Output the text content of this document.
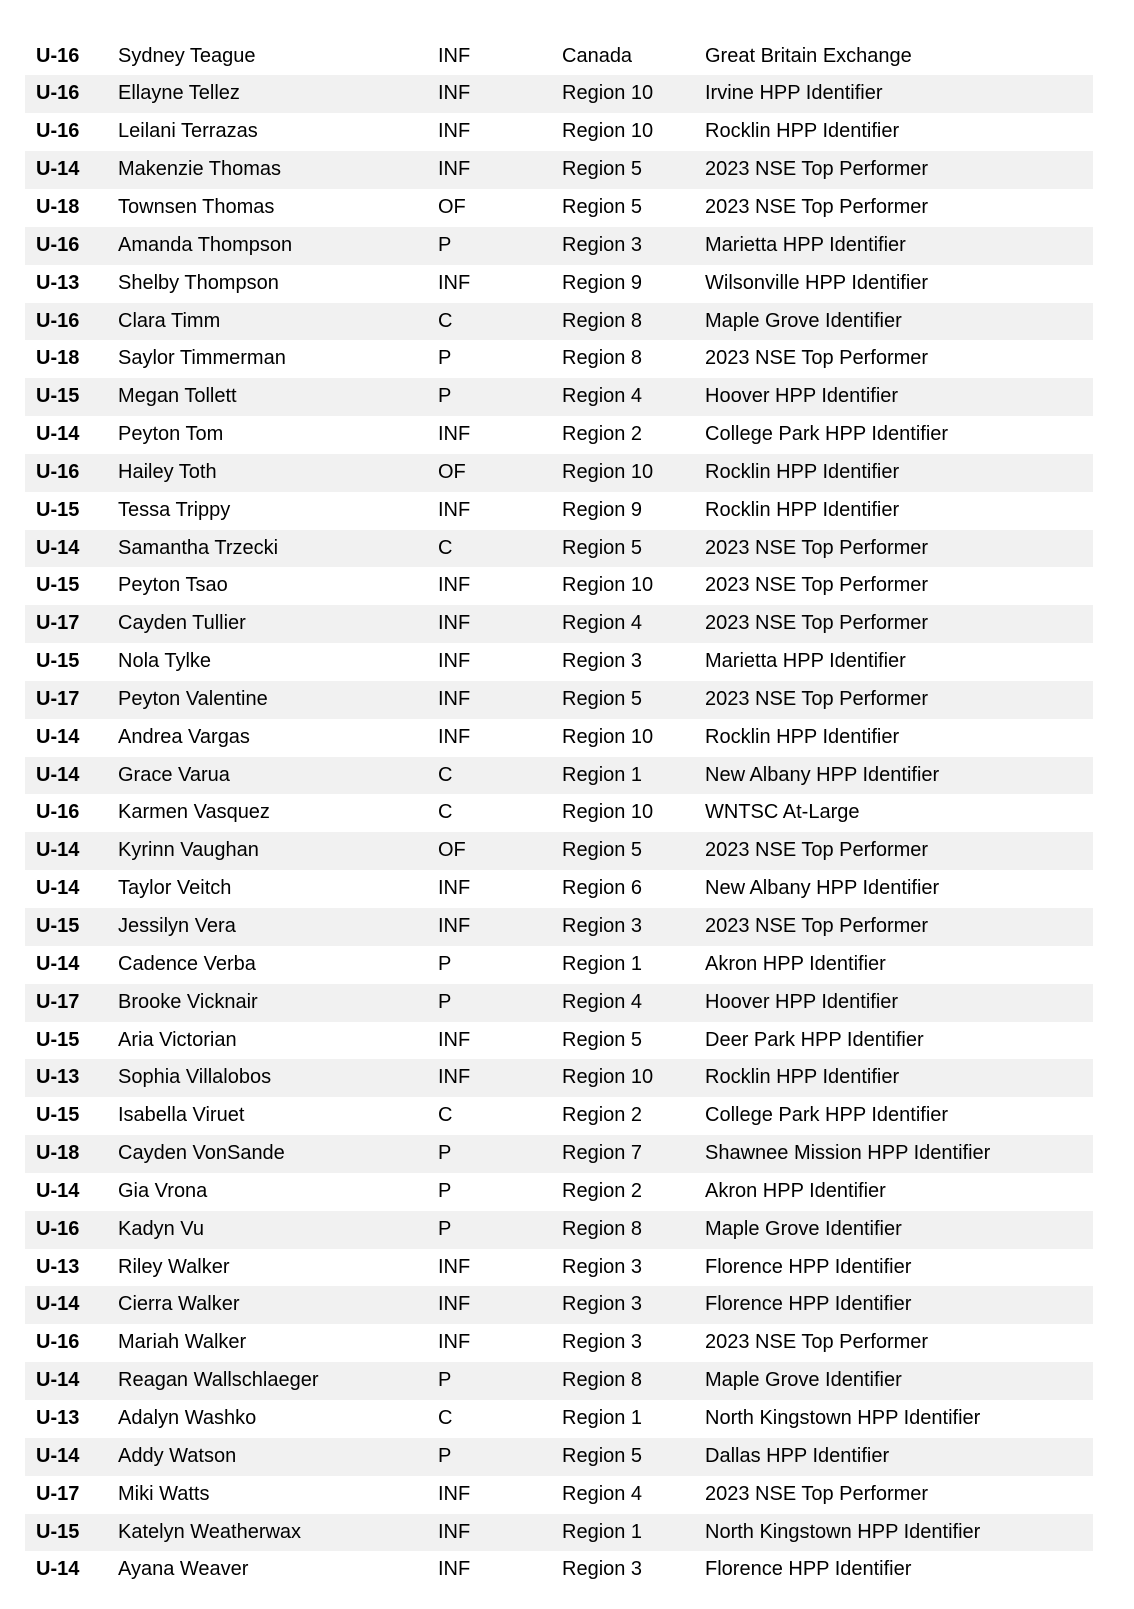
U-16	Sydney Teague	INF	Canada	Great Britain Exchange
U-16	Ellayne Tellez	INF	Region 10	Irvine HPP Identifier
U-16	Leilani Terrazas	INF	Region 10	Rocklin HPP Identifier
U-14	Makenzie Thomas	INF	Region 5	2023 NSE Top Performer
U-18	Townsen Thomas	OF	Region 5	2023 NSE Top Performer
U-16	Amanda Thompson	P	Region 3	Marietta HPP Identifier
U-13	Shelby Thompson	INF	Region 9	Wilsonville HPP Identifier
U-16	Clara Timm	C	Region 8	Maple Grove Identifier
U-18	Saylor Timmerman	P	Region 8	2023 NSE Top Performer
U-15	Megan Tollett	P	Region 4	Hoover HPP Identifier
U-14	Peyton Tom	INF	Region 2	College Park HPP Identifier
U-16	Hailey Toth	OF	Region 10	Rocklin HPP Identifier
U-15	Tessa Trippy	INF	Region 9	Rocklin HPP Identifier
U-14	Samantha Trzecki	C	Region 5	2023 NSE Top Performer
U-15	Peyton Tsao	INF	Region 10	2023 NSE Top Performer
U-17	Cayden Tullier	INF	Region 4	2023 NSE Top Performer
U-15	Nola Tylke	INF	Region 3	Marietta HPP Identifier
U-17	Peyton Valentine	INF	Region 5	2023 NSE Top Performer
U-14	Andrea Vargas	INF	Region 10	Rocklin HPP Identifier
U-14	Grace Varua	C	Region 1	New Albany HPP Identifier
U-16	Karmen Vasquez	C	Region 10	WNTSC At-Large
U-14	Kyrinn Vaughan	OF	Region 5	2023 NSE Top Performer
U-14	Taylor Veitch	INF	Region 6	New Albany HPP Identifier
U-15	Jessilyn Vera	INF	Region 3	2023 NSE Top Performer
U-14	Cadence Verba	P	Region 1	Akron HPP Identifier
U-17	Brooke Vicknair	P	Region 4	Hoover HPP Identifier
U-15	Aria Victorian	INF	Region 5	Deer Park HPP Identifier
U-13	Sophia Villalobos	INF	Region 10	Rocklin HPP Identifier
U-15	Isabella Viruet	C	Region 2	College Park HPP Identifier
U-18	Cayden VonSande	P	Region 7	Shawnee Mission HPP Identifier
U-14	Gia Vrona	P	Region 2	Akron HPP Identifier
U-16	Kadyn Vu	P	Region 8	Maple Grove Identifier
U-13	Riley Walker	INF	Region 3	Florence HPP Identifier
U-14	Cierra Walker	INF	Region 3	Florence HPP Identifier
U-16	Mariah Walker	INF	Region 3	2023 NSE Top Performer
U-14	Reagan Wallschlaeger	P	Region 8	Maple Grove Identifier
U-13	Adalyn Washko	C	Region 1	North Kingstown HPP Identifier
U-14	Addy Watson	P	Region 5	Dallas HPP Identifier
U-17	Miki Watts	INF	Region 4	2023 NSE Top Performer
U-15	Katelyn Weatherwax	INF	Region 1	North Kingstown HPP Identifier
U-14	Ayana Weaver	INF	Region 3	Florence HPP Identifier
